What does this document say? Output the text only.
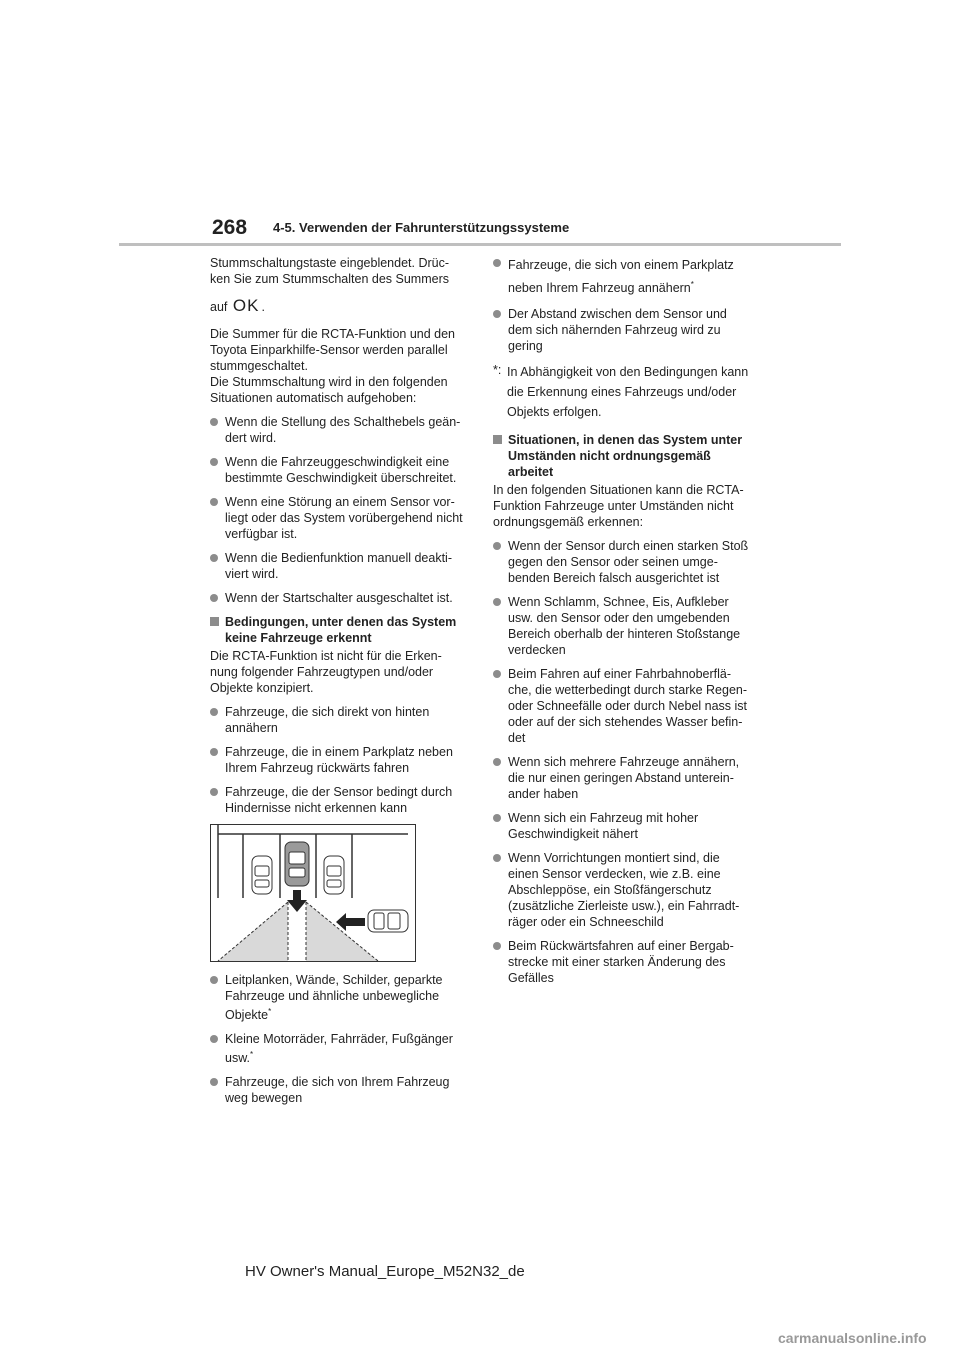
268 4-5. Verwenden der Fahrunterstützungssysteme

Stummschaltungstaste eingeblendet. Drüc-ken Sie zum Stummschalten des Summers

auf OK .

Die Summer für die RCTA-Funktion und den Toyota Einparkhilfe-Sensor werden parallel stummgeschaltet.

Die Stummschaltung wird in den folgenden Situationen automatisch aufgehoben:

Wenn die Stellung des Schalthebels geän-dert wird.
Wenn die Fahrzeuggeschwindigkeit eine bestimmte Geschwindigkeit überschreitet.
Wenn eine Störung an einem Sensor vor-liegt oder das System vorübergehend nicht verfügbar ist.
Wenn die Bedienfunktion manuell deakti-viert wird.
Wenn der Startschalter ausgeschaltet ist.
Bedingungen, unter denen das System keine Fahrzeuge erkennt

Die RCTA-Funktion ist nicht für die Erken-nung folgender Fahrzeugtypen und/oder Objekte konzipiert.

Fahrzeuge, die sich direkt von hinten annähern
Fahrzeuge, die in einem Parkplatz neben Ihrem Fahrzeug rückwärts fahren
Fahrzeuge, die der Sensor bedingt durch Hindernisse nicht erkennen kann
Leitplanken, Wände, Schilder, geparkte Fahrzeuge und ähnliche unbewegliche Objekte*
Kleine Motorräder, Fahrräder, Fußgänger usw.*
Fahrzeuge, die sich von Ihrem Fahrzeug weg bewegen
Fahrzeuge, die sich von einem Parkplatz neben Ihrem Fahrzeug annähern*
Der Abstand zwischen dem Sensor und dem sich nähernden Fahrzeug wird zu gering
*: In Abhängigkeit von den Bedingungen kann die Erkennung eines Fahrzeugs und/oder Objekts erfolgen.
Situationen, in denen das System unter Umständen nicht ordnungsgemäß arbeitet

In den folgenden Situationen kann die RCTA-Funktion Fahrzeuge unter Umständen nicht ordnungsgemäß erkennen:

Wenn der Sensor durch einen starken Stoß gegen den Sensor oder seinen umge-benden Bereich falsch ausgerichtet ist
Wenn Schlamm, Schnee, Eis, Aufkleber usw. den Sensor oder den umgebenden Bereich oberhalb der hinteren Stoßstange verdecken
Beim Fahren auf einer Fahrbahnoberflä-che, die wetterbedingt durch starke Regen- oder Schneefälle oder durch Nebel nass ist oder auf der sich stehendes Wasser befin-det
Wenn sich mehrere Fahrzeuge annähern, die nur einen geringen Abstand unterein-ander haben
Wenn sich ein Fahrzeug mit hoher Geschwindigkeit nähert
Wenn Vorrichtungen montiert sind, die einen Sensor verdecken, wie z.B. eine Abschleppöse, ein Stoßfängerschutz (zusätzliche Zierleiste usw.), ein Fahrradt-räger oder ein Schneeschild
Beim Rückwärtsfahren auf einer Bergab-strecke mit einer starken Änderung des Gefälles
HV Owner's Manual_Europe_M52N32_de
carmanualsonline.info
